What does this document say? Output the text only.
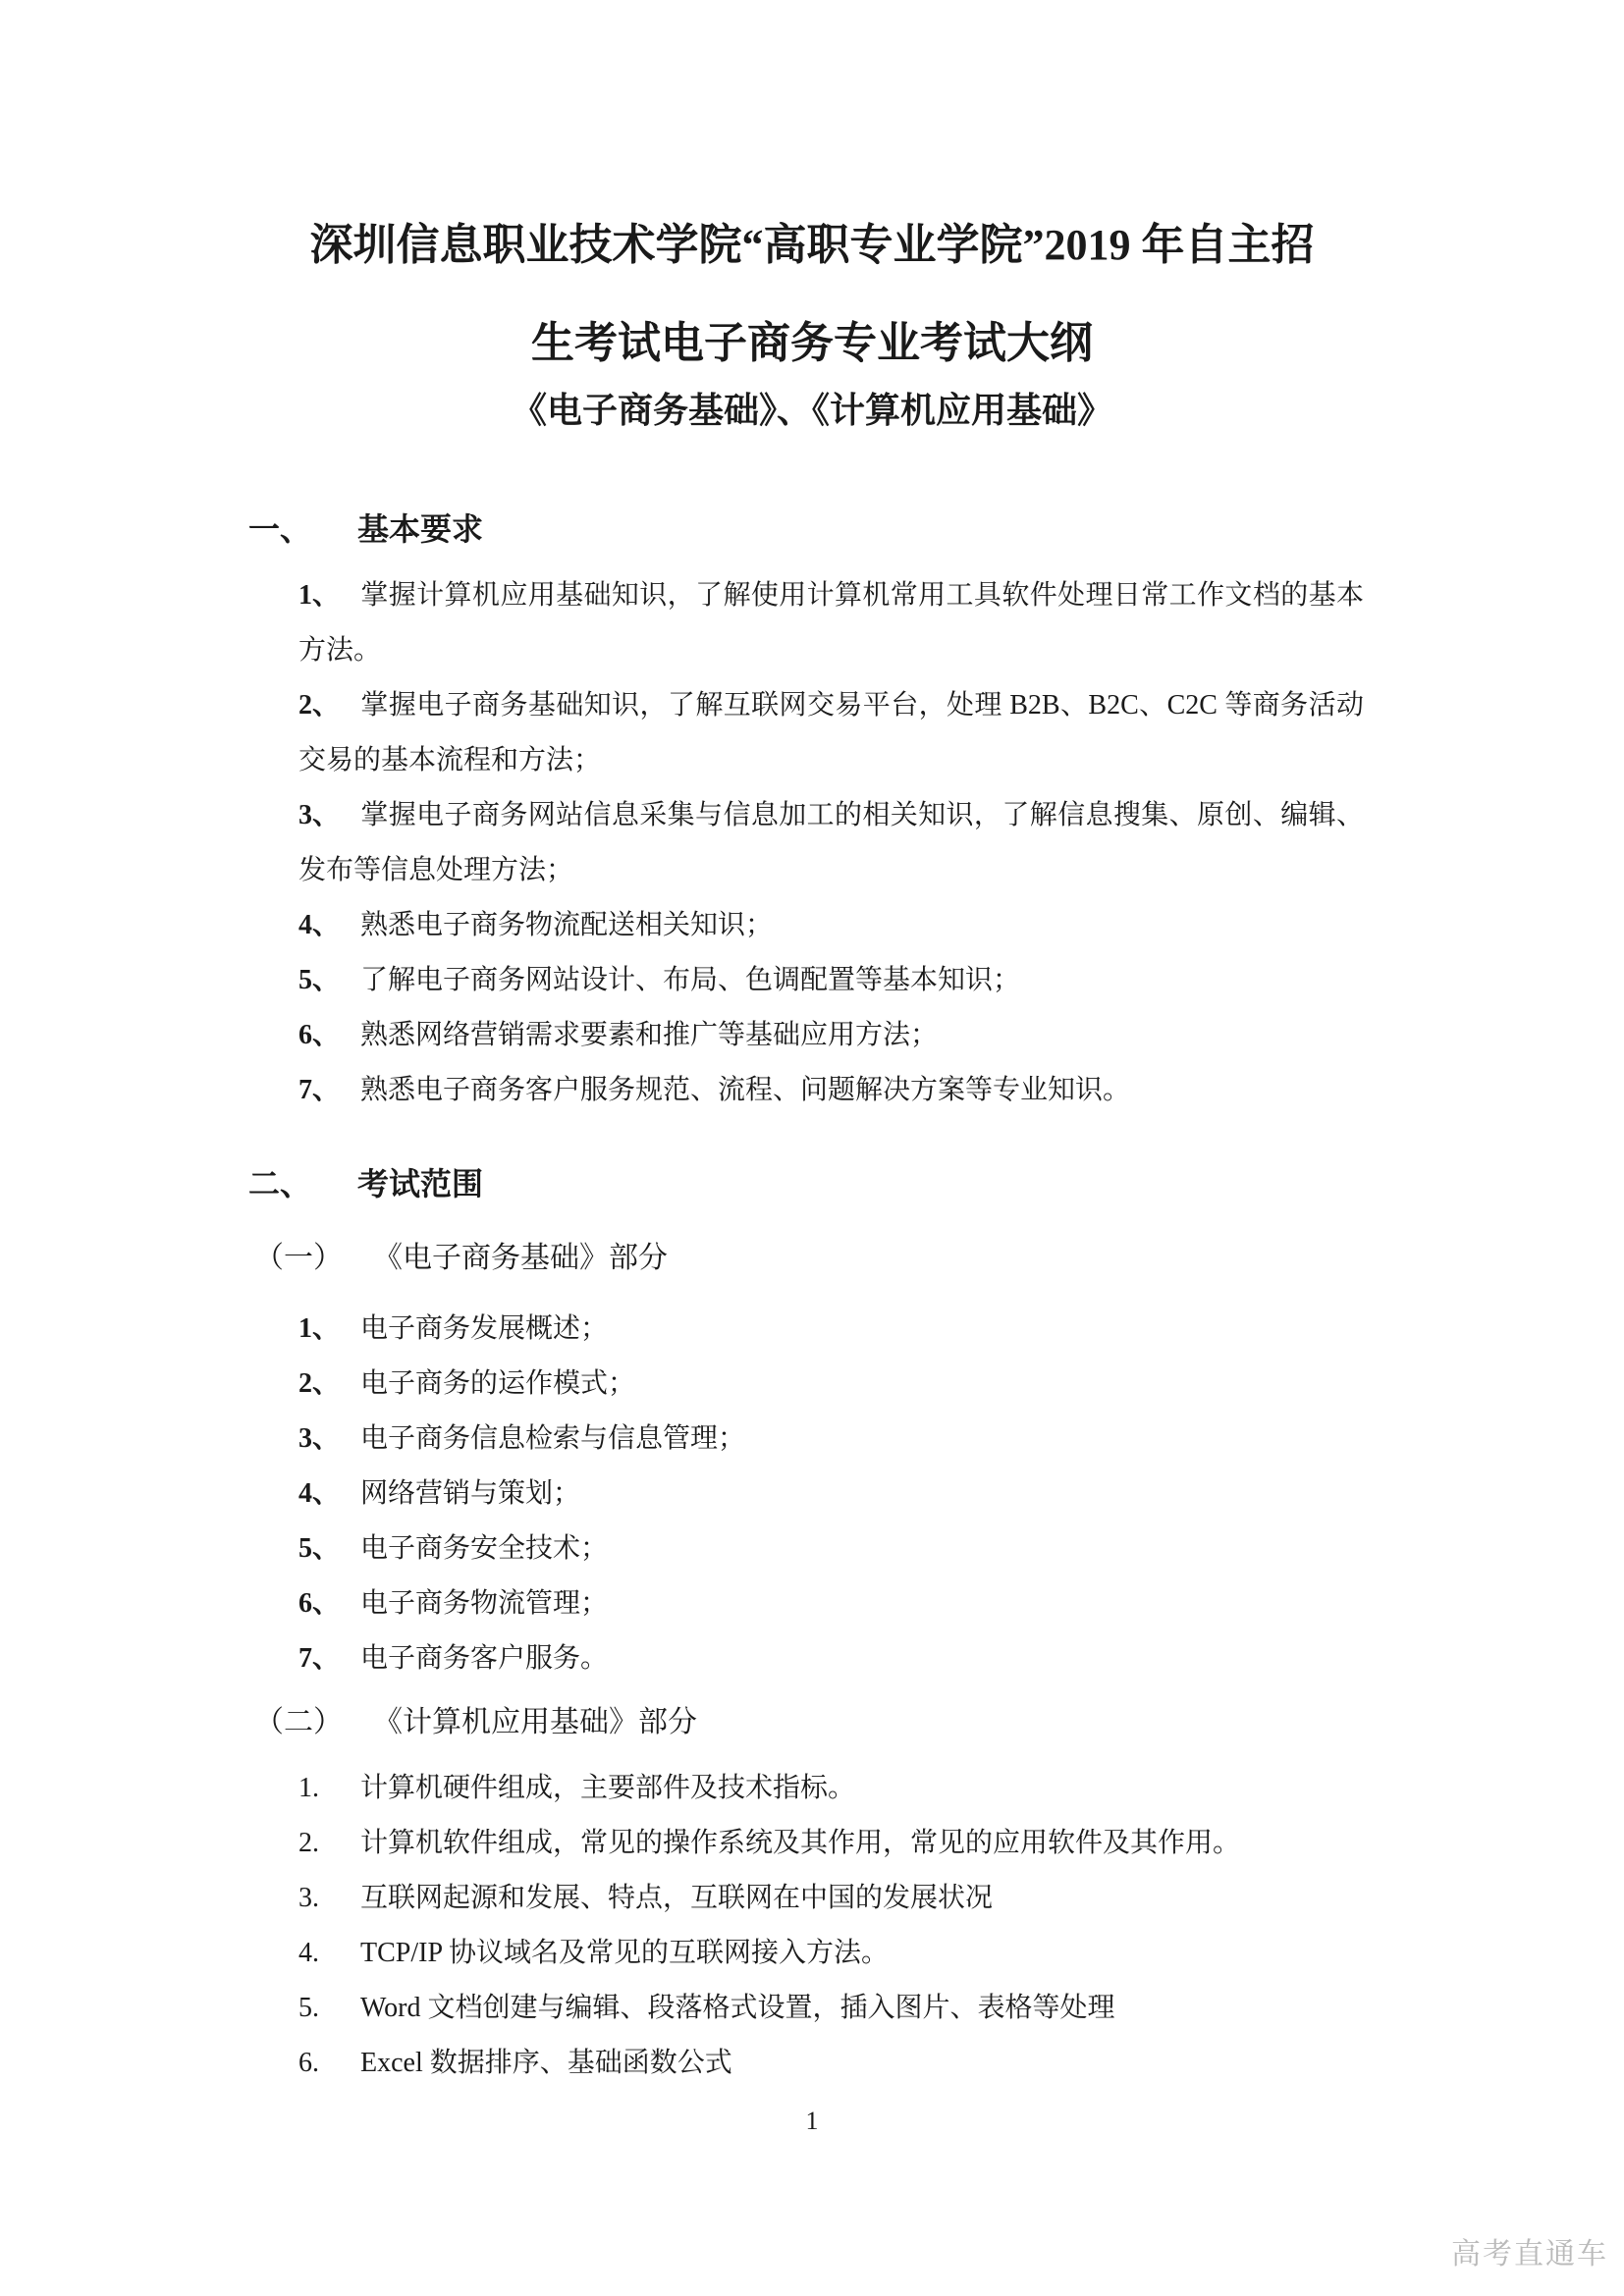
深圳信息职业技术学院“高职专业学院”2019 年自主招
生考试电子商务专业考试大纲
《电子商务基础》、《计算机应用基础》
一、 基本要求

1、 掌握计算机应用基础知识，了解使用计算机常用工具软件处理日常工作文档的基本方法。

2、 掌握电子商务基础知识，了解互联网交易平台，处理 B2B、B2C、C2C 等商务活动交易的基本流程和方法；

3、 掌握电子商务网站信息采集与信息加工的相关知识，了解信息搜集、原创、编辑、发布等信息处理方法；

4、 熟悉电子商务物流配送相关知识；

5、 了解电子商务网站设计、布局、色调配置等基本知识；

6、 熟悉网络营销需求要素和推广等基础应用方法；

7、 熟悉电子商务客户服务规范、流程、问题解决方案等专业知识。

二、 考试范围
（一） 《电子商务基础》部分

1、 电子商务发展概述；

2、 电子商务的运作模式；

3、 电子商务信息检索与信息管理；

4、 网络营销与策划；

5、 电子商务安全技术；

6、 电子商务物流管理；

7、 电子商务客户服务。

（二） 《计算机应用基础》部分

1. 计算机硬件组成，主要部件及技术指标。

2. 计算机软件组成，常见的操作系统及其作用，常见的应用软件及其作用。

3. 互联网起源和发展、特点，互联网在中国的发展状况

4. TCP/IP 协议域名及常见的互联网接入方法。

5. Word 文档创建与编辑、段落格式设置，插入图片、表格等处理

6. Excel 数据排序、基础函数公式

1
高考直通车
